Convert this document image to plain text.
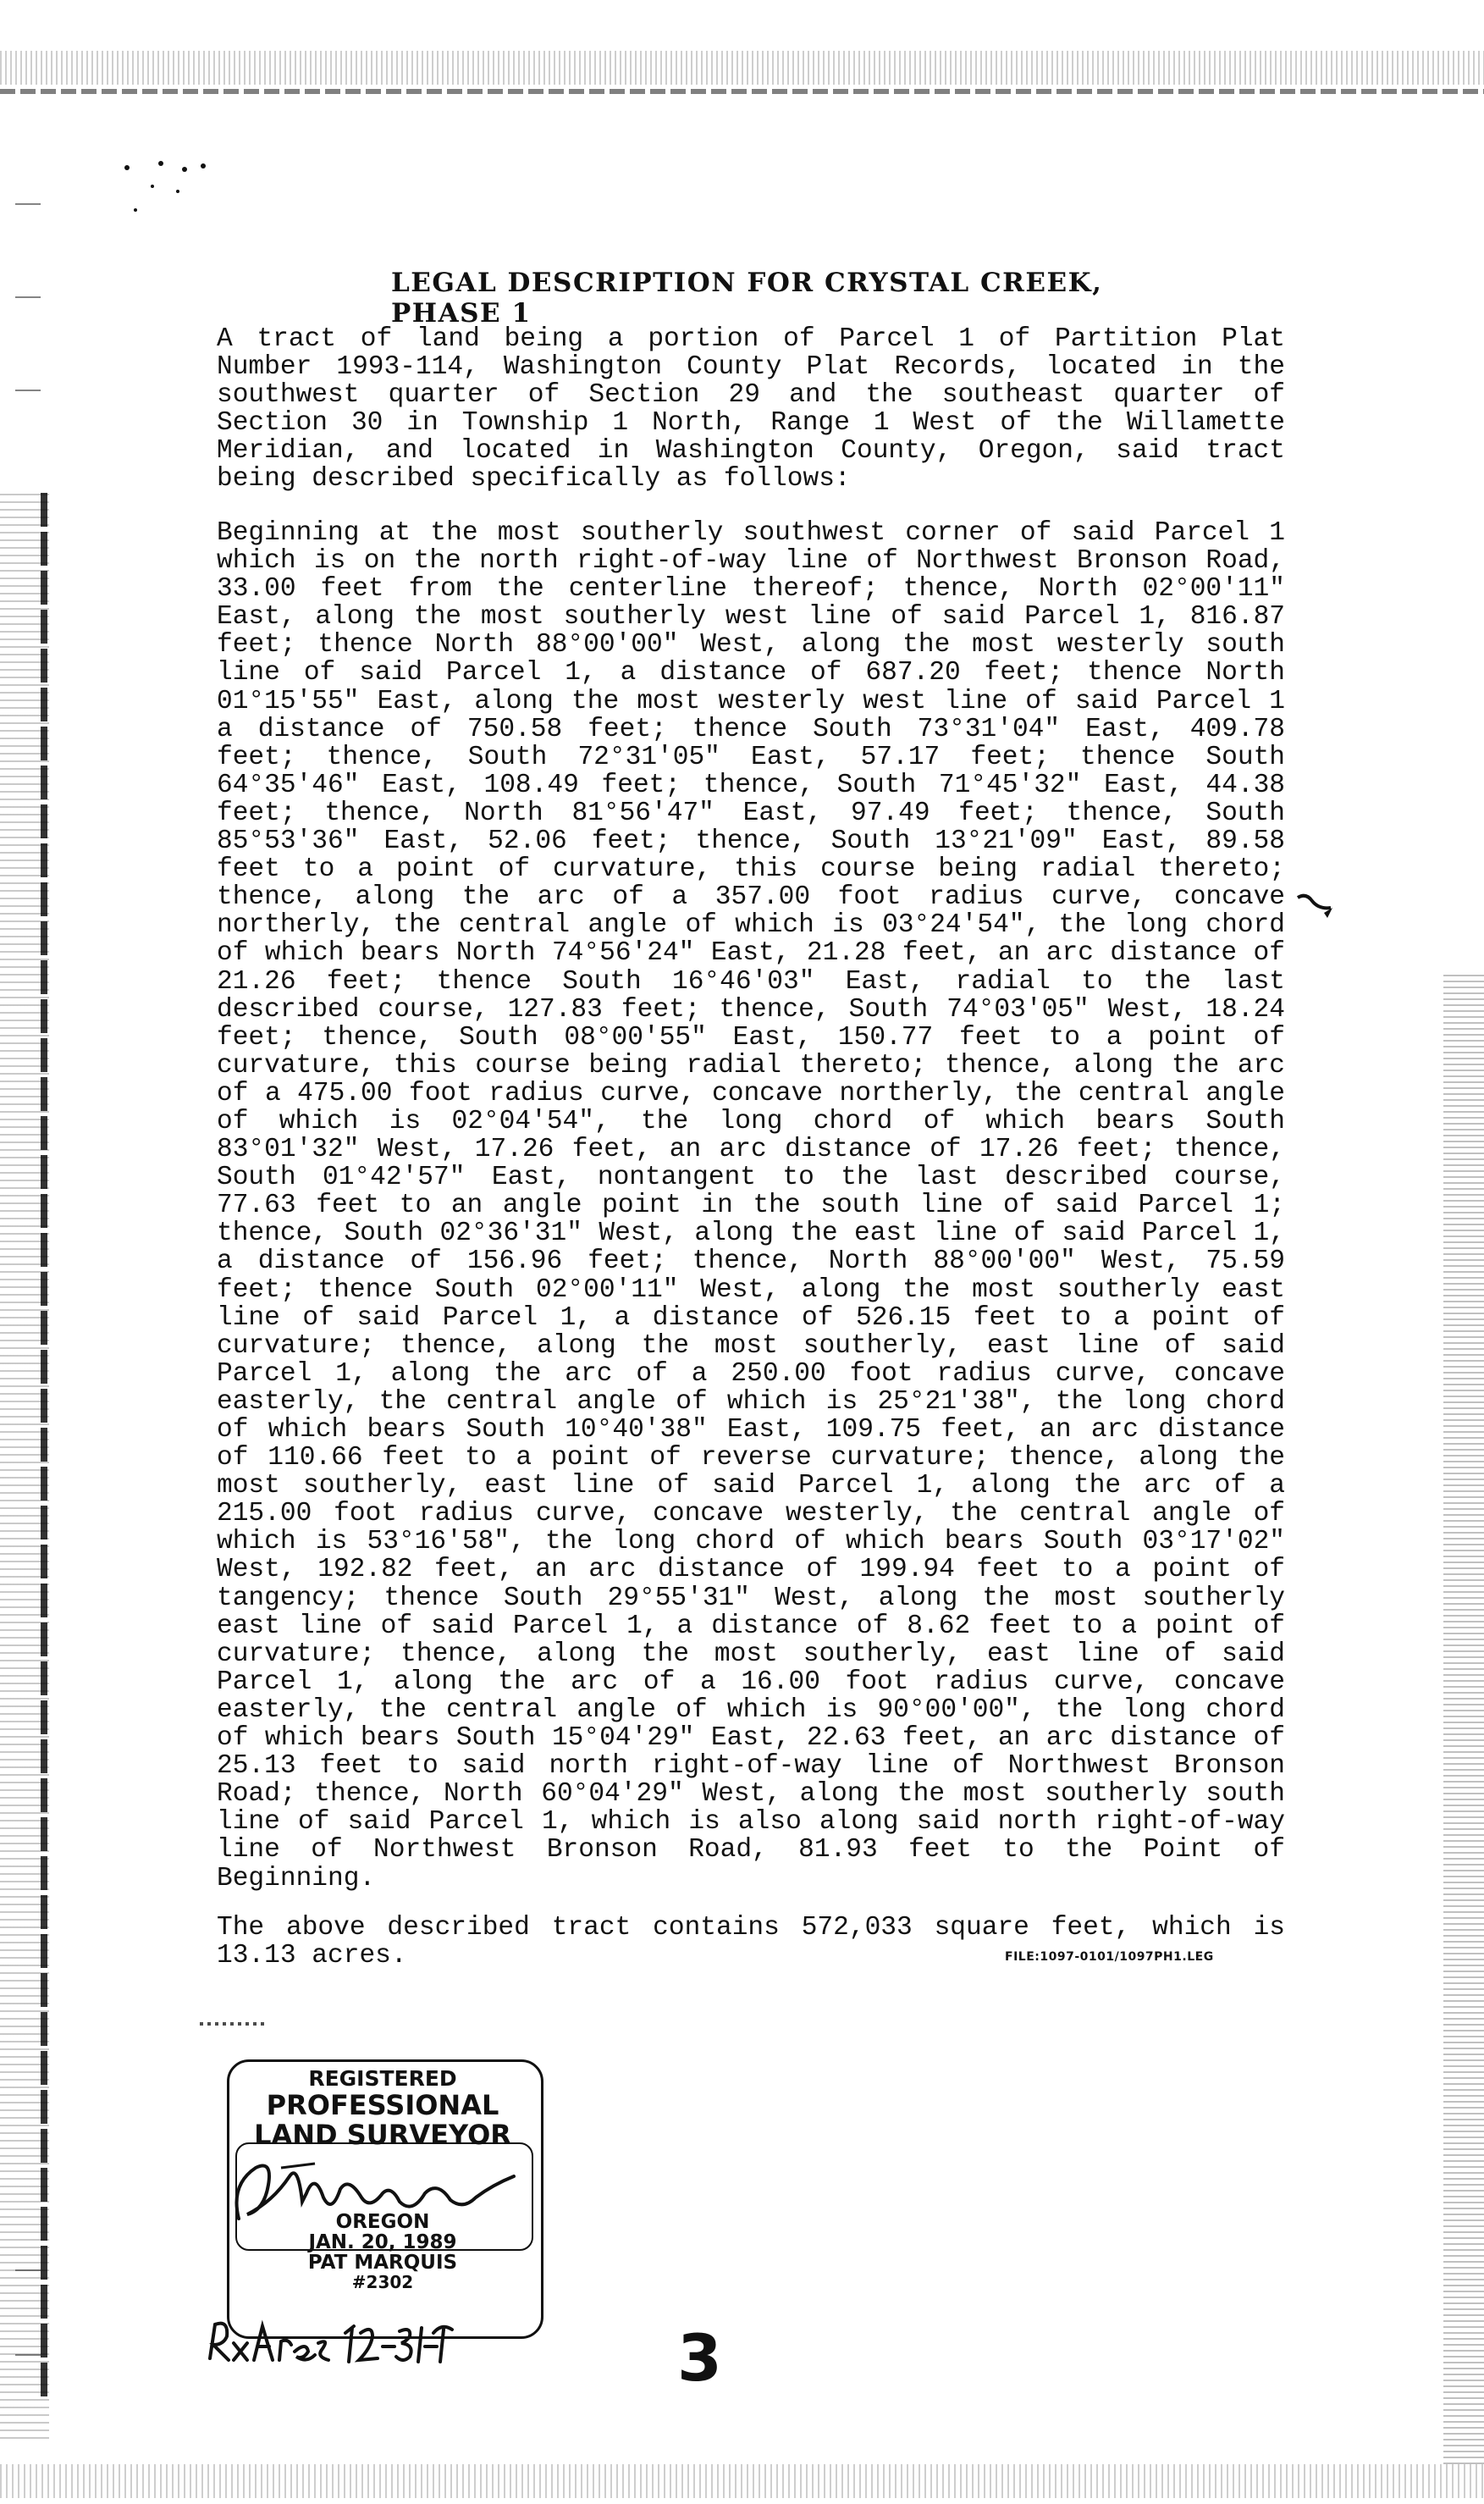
LEGAL DESCRIPTION FOR CRYSTAL CREEK, PHASE 1

A tract of land being a portion of Parcel 1 of Partition Plat Number 1993-114, Washington County Plat Records, located in the southwest quarter of Section 29 and the southeast quarter of Section 30 in Township 1 North, Range 1 West of the Willamette Meridian, and located in Washington County, Oregon, said tract being described specifically as follows:

Beginning at the most southerly southwest corner of said Parcel 1 which is on the north right-of-way line of Northwest Bronson Road, 33.00 feet from the centerline thereof; thence, North 02°00'11" East, along the most southerly west line of said Parcel 1, 816.87 feet; thence North 88°00'00" West, along the most westerly south line of said Parcel 1, a distance of 687.20 feet; thence North 01°15'55" East, along the most westerly west line of said Parcel 1 a distance of 750.58 feet; thence South 73°31'04" East, 409.78 feet; thence, South 72°31'05" East, 57.17 feet; thence South 64°35'46" East, 108.49 feet; thence, South 71°45'32" East, 44.38 feet; thence, North 81°56'47" East, 97.49 feet; thence, South 85°53'36" East, 52.06 feet; thence, South 13°21'09" East, 89.58 feet to a point of curvature, this course being radial thereto; thence, along the arc of a 357.00 foot radius curve, concave northerly, the central angle of which is 03°24'54", the long chord of which bears North 74°56'24" East, 21.28 feet, an arc distance of 21.26 feet; thence South 16°46'03" East, radial to the last described course, 127.83 feet; thence, South 74°03'05" West, 18.24 feet; thence, South 08°00'55" East, 150.77 feet to a point of curvature, this course being radial thereto; thence, along the arc of a 475.00 foot radius curve, concave northerly, the central angle of which is 02°04'54", the long chord of which bears South 83°01'32" West, 17.26 feet, an arc distance of 17.26 feet; thence, South 01°42'57" East, nontangent to the last described course, 77.63 feet to an angle point in the south line of said Parcel 1; thence, South 02°36'31" West, along the east line of said Parcel 1, a distance of 156.96 feet; thence, North 88°00'00" West, 75.59 feet; thence South 02°00'11" West, along the most southerly east line of said Parcel 1, a distance of 526.15 feet to a point of curvature; thence, along the most southerly, east line of said Parcel 1, along the arc of a 250.00 foot radius curve, concave easterly, the central angle of which is 25°21'38", the long chord of which bears South 10°40'38" East, 109.75 feet, an arc distance of 110.66 feet to a point of reverse curvature; thence, along the most southerly, east line of said Parcel 1, along the arc of a 215.00 foot radius curve, concave westerly, the central angle of which is 53°16'58", the long chord of which bears South 03°17'02" West, 192.82 feet, an arc distance of 199.94 feet to a point of tangency; thence South 29°55'31" West, along the most southerly east line of said Parcel 1, a distance of 8.62 feet to a point of curvature; thence, along the most southerly, east line of said Parcel 1, along the arc of a 16.00 foot radius curve, concave easterly, the central angle of which is 90°00'00", the long chord of which bears South 15°04'29" East, 22.63 feet, an arc distance of 25.13 feet to said north right-of-way line of Northwest Bronson Road; thence, North 60°04'29" West, along the most southerly south line of said Parcel 1, which is also along said north right-of-way line of Northwest Bronson Road, 81.93 feet to the Point of Beginning.

The above described tract contains 572,033 square feet, which is 13.13 acres.	FILE:1097-0101/1097PH1.LEG
REGISTERED
PROFESSIONAL
LAND SURVEYOR
OREGON
JAN. 20, 1989
PAT MARQUIS
#2302
3
